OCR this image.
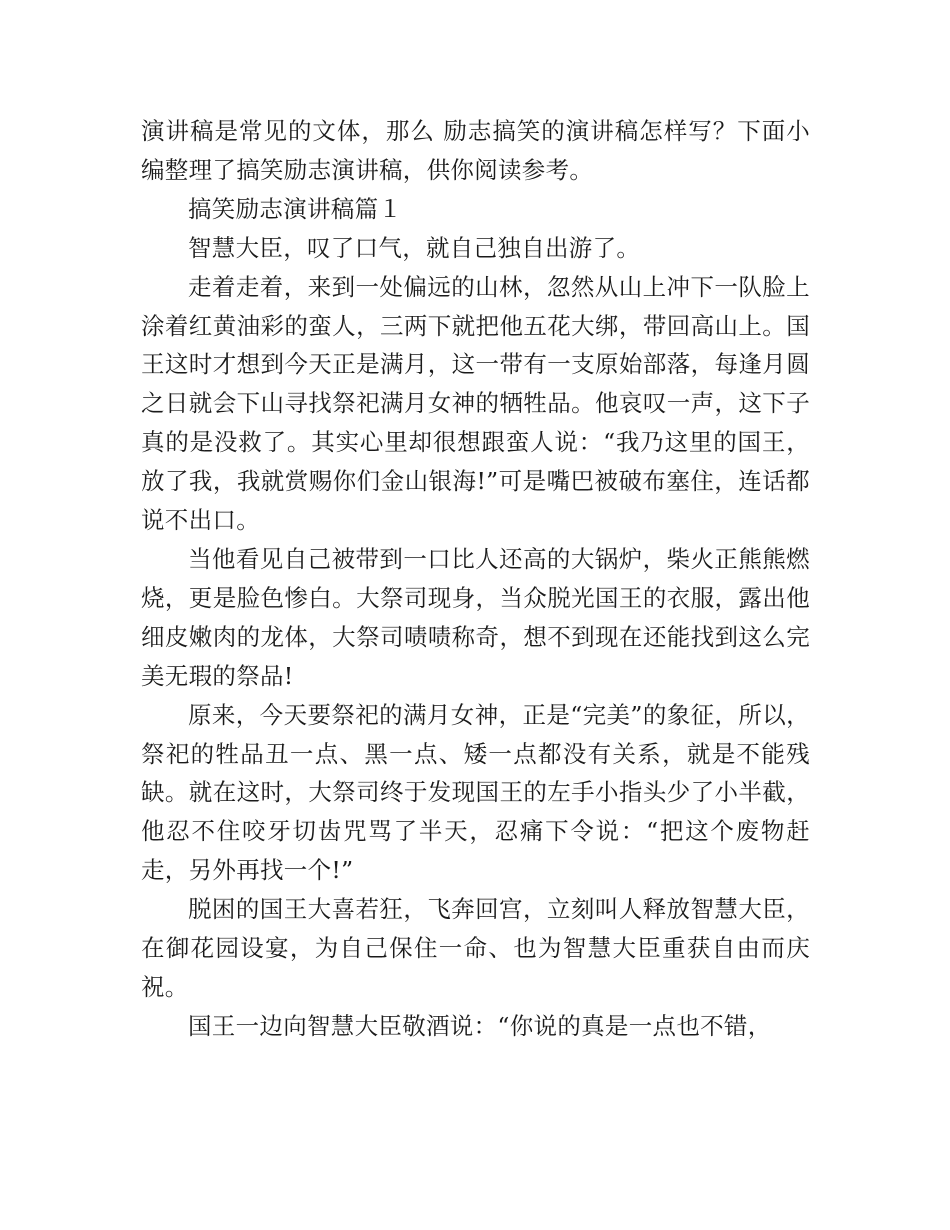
演讲稿是常见的文体，那么 励志搞笑的演讲稿怎样写？下面小编整理了搞笑励志演讲稿，供你阅读参考。

搞笑励志演讲稿篇１

智慧大臣，叹了口气，就自己独自出游了。

走着走着，来到一处偏远的山林，忽然从山上冲下一队脸上涂着红黄油彩的蛮人，三两下就把他五花大绑，带回高山上。国王这时才想到今天正是满月，这一带有一支原始部落，每逢月圆之日就会下山寻找祭祀满月女神的牺牲品。他哀叹一声，这下子真的是没救了。其实心里却很想跟蛮人说：“我乃这里的国王，放了我，我就赏赐你们金山银海!”可是嘴巴被破布塞住，连话都说不出口。

当他看见自己被带到一口比人还高的大锅炉，柴火正熊熊燃烧，更是脸色惨白。大祭司现身，当众脱光国王的衣服，露出他细皮嫩肉的龙体，大祭司啧啧称奇，想不到现在还能找到这么完美无瑕的祭品!

原来，今天要祭祀的满月女神，正是“完美”的象征，所以，祭祀的牲品丑一点、黑一点、矮一点都没有关系，就是不能残缺。就在这时，大祭司终于发现国王的左手小指头少了小半截，他忍不住咬牙切齿咒骂了半天，忍痛下令说：“把这个废物赶走，另外再找一个!”

脱困的国王大喜若狂，飞奔回宫，立刻叫人释放智慧大臣，在御花园设宴，为自己保住一命、也为智慧大臣重获自由而庆祝。

国王一边向智慧大臣敬酒说：“你说的真是一点也不错，
